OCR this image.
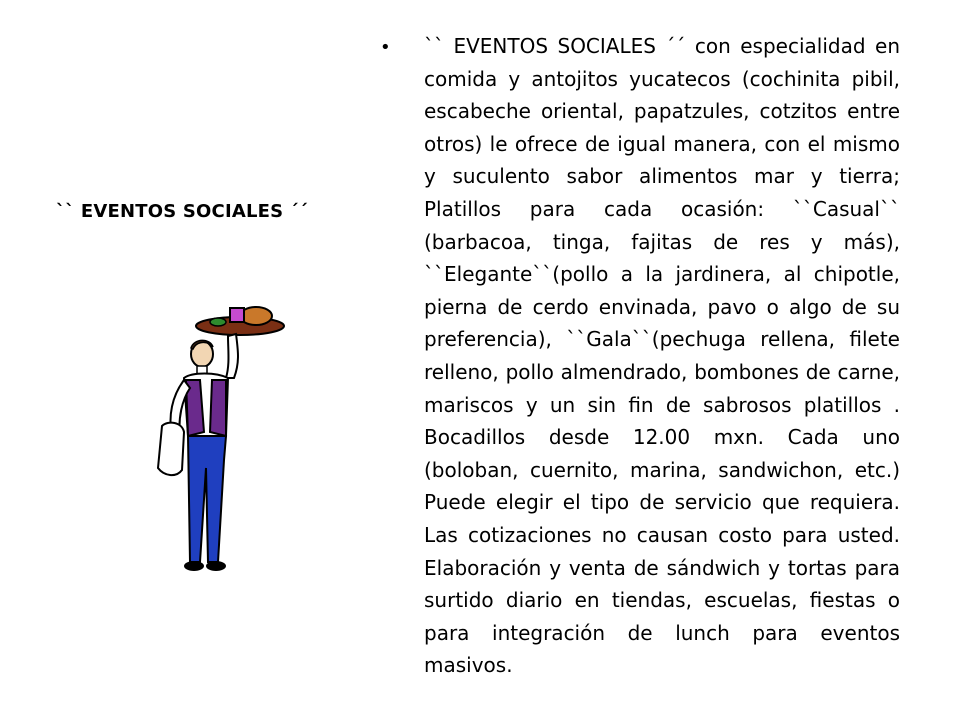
`` EVENTOS SOCIALES ´´
• `` EVENTOS SOCIALES ´´ con especialidad en comida y antojitos yucatecos (cochinita pibil, escabeche oriental, papatzules, cotzitos entre otros) le ofrece de igual manera, con el mismo y suculento sabor alimentos mar y tierra; Platillos para cada ocasión: ``Casual`` (barbacoa, tinga, fajitas de res y más), ``Elegante``(pollo a la jardinera, al chipotle, pierna de cerdo envinada, pavo o algo de su preferencia), ``Gala``(pechuga rellena, filete relleno, pollo almendrado, bombones de carne, mariscos y un sin fin de sabrosos platillos . Bocadillos desde 12.00 mxn. Cada uno (boloban, cuernito, marina, sandwichon, etc.) Puede elegir el tipo de servicio que requiera. Las cotizaciones no causan costo para usted. Elaboración y venta de sándwich y tortas para surtido diario en tiendas, escuelas, fiestas o para integración de lunch para eventos masivos.
